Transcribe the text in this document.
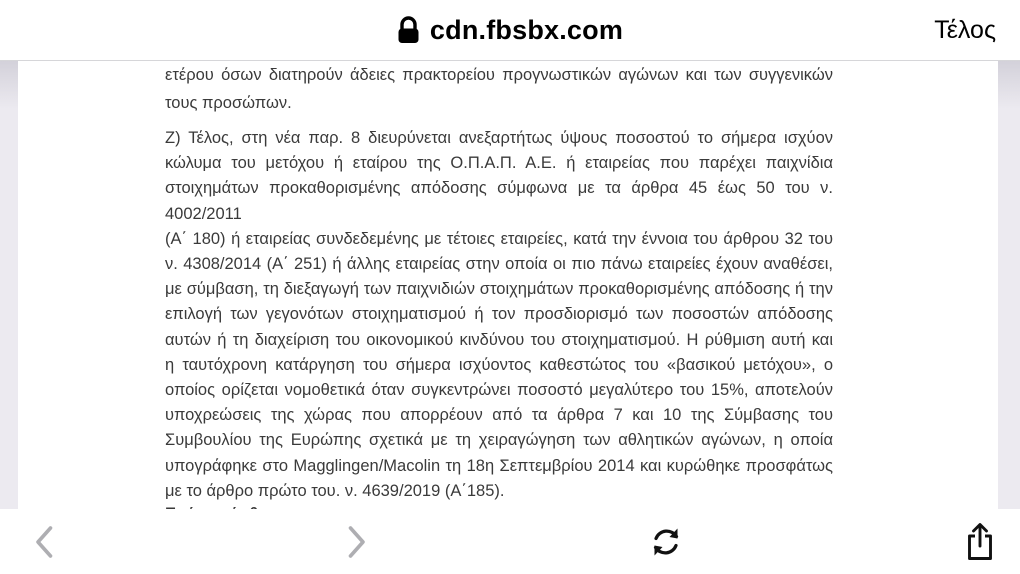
cdn.fbsbx.com	Τέλος
ετέρου όσων διατηρούν άδειες πρακτορείου προγνωστικών αγώνων και των συγγενικών
τους προσώπων.
Ζ) Τέλος, στη νέα παρ. 8 διευρύνεται ανεξαρτήτως ύψους ποσοστού το σήμερα ισχύον
κώλυμα του μετόχου ή εταίρου της Ο.Π.Α.Π. Α.Ε. ή εταιρείας που παρέχει παιχνίδια
στοιχημάτων προκαθορισμένης απόδοσης σύμφωνα με τα άρθρα 45 έως 50 του ν. 4002/2011
(Α΄ 180) ή εταιρείας συνδεδεμένης με τέτοιες εταιρείες, κατά την έννοια του άρθρου 32 του
ν. 4308/2014 (Α΄ 251) ή άλλης εταιρείας στην οποία οι πιο πάνω εταιρείες έχουν αναθέσει,
με σύμβαση, τη διεξαγωγή των παιχνιδιών στοιχημάτων προκαθορισμένης απόδοσης ή την
επιλογή των γεγονότων στοιχηματισμού ή τον προσδιορισμό των ποσοστών απόδοσης
αυτών ή τη διαχείριση του οικονομικού κινδύνου του στοιχηματισμού. Η ρύθμιση αυτή και
η ταυτόχρονη κατάργηση του σήμερα ισχύοντος καθεστώτος του «βασικού μετόχου», ο
οποίος ορίζεται νομοθετικά όταν συγκεντρώνει ποσοστό μεγαλύτερο του 15%, αποτελούν
υποχρεώσεις της χώρας που απορρέουν από τα άρθρα 7 και 10 της Σύμβασης του
Συμβουλίου της Ευρώπης σχετικά με τη χειραγώγηση των αθλητικών αγώνων, η οποία
υπογράφηκε στο Magglingen/Macolin τη 18η Σεπτεμβρίου 2014 και κυρώθηκε προσφάτως
με το άρθρο πρώτο του. ν. 4639/2019 (Α΄185).
